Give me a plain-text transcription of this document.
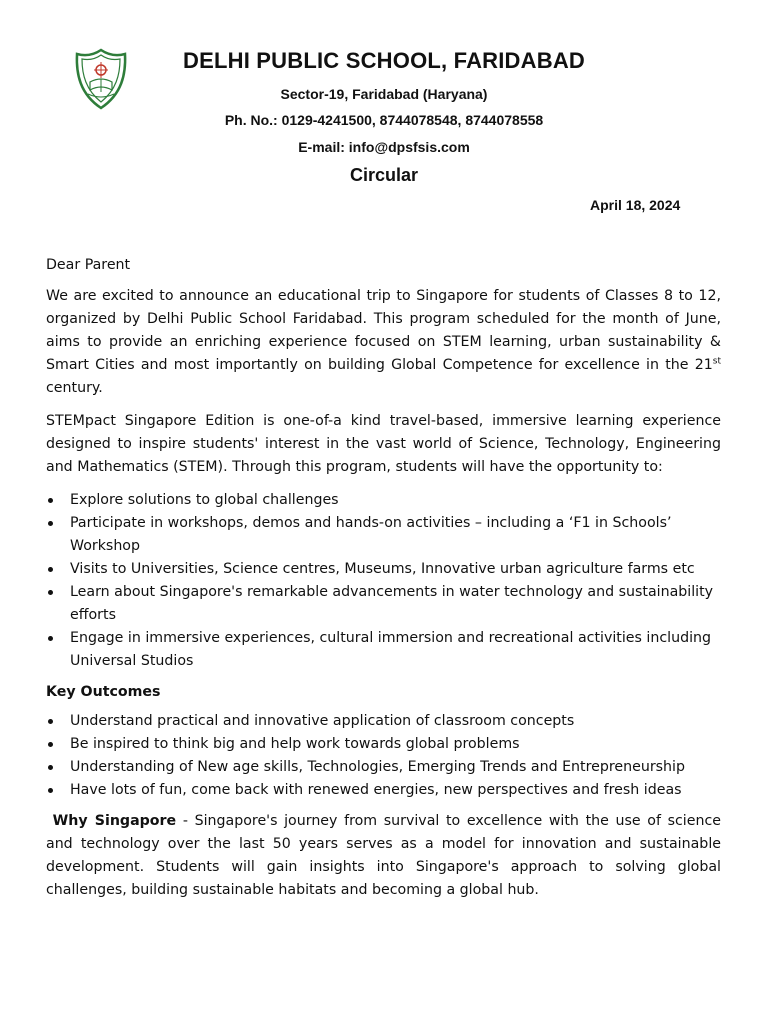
DELHI PUBLIC SCHOOL, FARIDABAD
Sector-19, Faridabad (Haryana)
Ph. No.: 0129-4241500, 8744078548, 8744078558
E-mail: info@dpsfsis.com
Circular
April 18, 2024

Dear Parent

We are excited to announce an educational trip to Singapore for students of Classes 8 to 12, organized by Delhi Public School Faridabad. This program scheduled for the month of June, aims to provide an enriching experience focused on STEM learning, urban sustainability & Smart Cities and most importantly on building Global Competence for excellence in the 21st century.

STEMpact Singapore Edition is one-of-a kind travel-based, immersive learning experience designed to inspire students' interest in the vast world of Science, Technology, Engineering and Mathematics (STEM). Through this program, students will have the opportunity to:

Explore solutions to global challenges
Participate in workshops, demos and hands-on activities – including a ‘F1 in Schools’ Workshop
Visits to Universities, Science centres, Museums, Innovative urban agriculture farms etc
Learn about Singapore's remarkable advancements in water technology and sustainability efforts
Engage in immersive experiences, cultural immersion and recreational activities including Universal Studios

Key Outcomes

Understand practical and innovative application of classroom concepts
Be inspired to think big and help work towards global problems
Understanding of New age skills, Technologies, Emerging Trends and Entrepreneurship
Have lots of fun, come back with renewed energies, new perspectives and fresh ideas

Why Singapore - Singapore's journey from survival to excellence with the use of science and technology over the last 50 years serves as a model for innovation and sustainable development. Students will gain insights into Singapore's approach to solving global challenges, building sustainable habitats and becoming a global hub.
